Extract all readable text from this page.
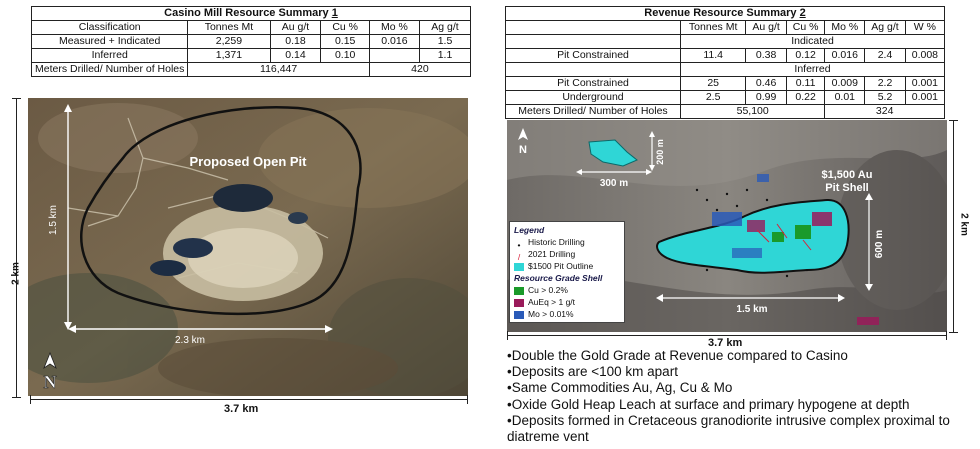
Casino Mill Resource Summary 1					
Classification	Tonnes Mt	Au g/t	Cu %	Mo %	Ag g/t
Measured + Indicated	2,259	0.18	0.15	0.016	1.5
Inferred	1,371	0.14	0.10		1.1
Meters Drilled/ Number of Holes	116,447			420	
Revenue Resource Summary 2						
	Tonnes Mt	Au g/t	Cu %	Mo %	Ag g/t	W %
	Indicated					
Pit Constrained	11.4	0.38	0.12	0.016	2.4	0.008
	Inferred					
Pit Constrained	25	0.46	0.11	0.009	2.2	0.001
Underground	2.5	0.99	0.22	0.01	5.2	0.001
Meters Drilled/ Number of Holes	55,100			324		
Proposed Open Pit
1.5 km
2.3 km
N
2 km
3.7 km
N	200 m
300 m
$1,500 Au
Pit Shell
600 m
1.5 km
Legend
• Historic Drilling
/ 2021 Drilling
$1500 Pit Outline
Resource Grade Shell
Cu > 0.2%
AuEq > 1 g/t
Mo > 0.01%
2 km
3.7 km
•Double the Gold Grade at Revenue compared to Casino
•Deposits are <100 km apart
•Same Commodities Au, Ag, Cu & Mo
•Oxide Gold Heap Leach at surface and primary hypogene at depth
•Deposits formed in Cretaceous granodiorite intrusive complex proximal to
diatreme vent
